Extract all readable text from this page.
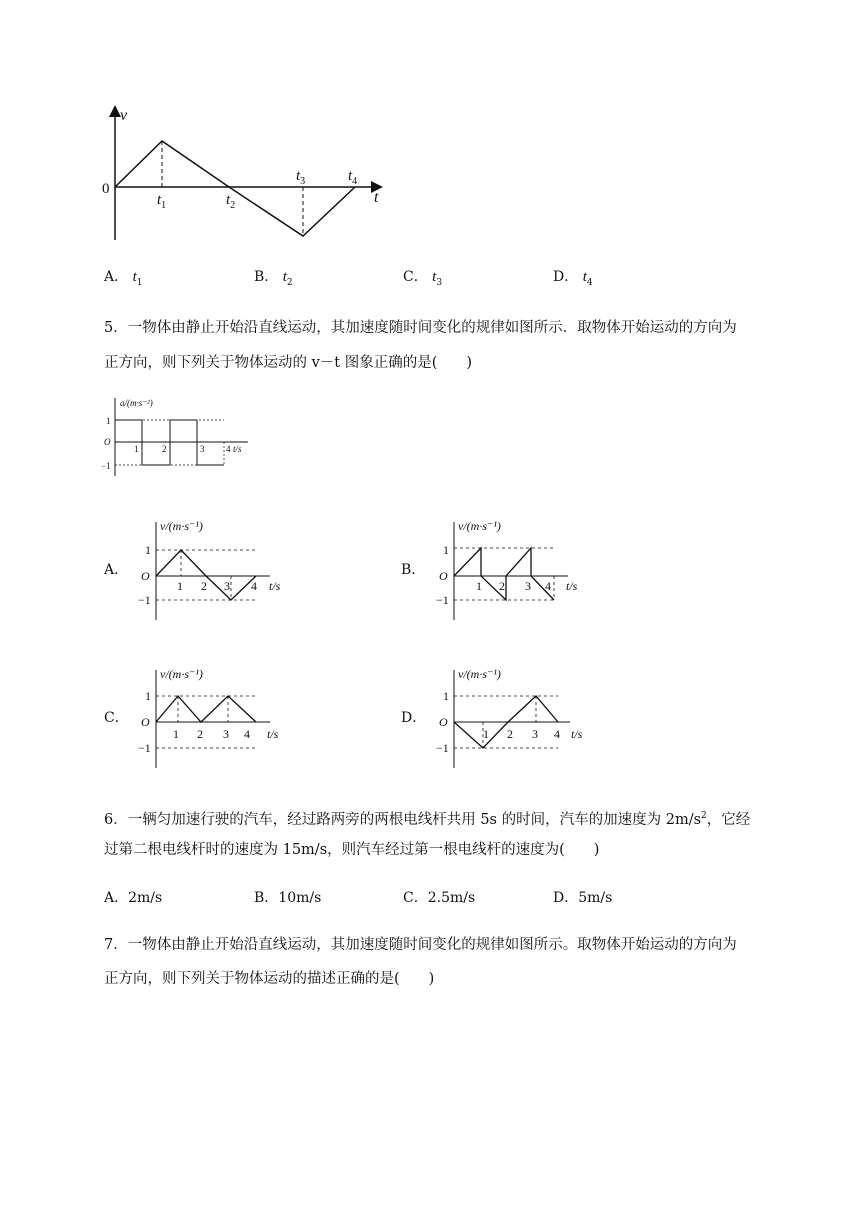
v
0	t
$t_1$	$t_2$
$t_3$	$t_4$
A． $t_1$	B． $t_2$	C． $t_3$	D． $t_4$
5．一物体由静止开始沿直线运动，其加速度随时间变化的规律如图所示．取物体开始运动的方向为
正方向，则下列关于物体运动的 v－t 图象正确的是(　　)
a/(m·s⁻²)
1
O
−1
1	2	3 4 t/s
A．	B．
C．	D．
v/(m·s⁻¹)
1
O
−1
1 2 3 4 t/s
v/(m·s⁻¹)
1
O
−1
1 2 3 4 t/s
v/(m·s⁻¹)
1
O
−1
1 2 3 4 t/s
v/(m·s⁻¹)
1
O
−1
1 2 3 4 t/s
6．一辆匀加速行驶的汽车，经过路两旁的两根电线杆共用 5s 的时间，汽车的加速度为 $2m/s^2$，它经
过第二根电线杆时的速度为 15m/s，则汽车经过第一根电线杆的速度为(　　)
A．2m/s	B．10m/s	C．2.5m/s	D．5m/s
7．一物体由静止开始沿直线运动，其加速度随时间变化的规律如图所示。取物体开始运动的方向为
正方向，则下列关于物体运动的描述正确的是(　　)
